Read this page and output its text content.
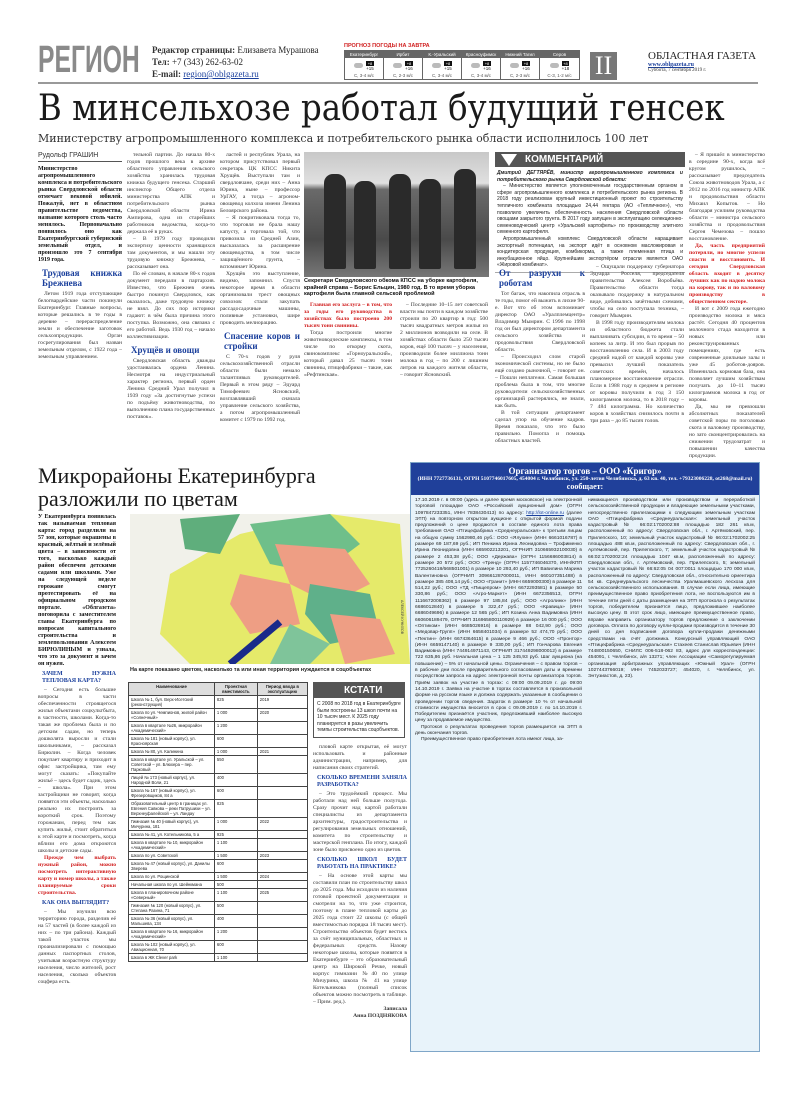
РЕГИОН Редактор страницы: Елизавета Мурашова
Тел: +7 (343) 262-63-02
E-mail: region@oblgazeta.ru
ПРОГНОЗ ПОГОДЫ НА ЗАВТРА
Екатеринбург
+8
+15
С, 3-4 м/с
Ирбит
+8
+16
С, 2-3 м/с
К.-Уральский
+8
+15
С, 3-4 м/с
Красноуфимск
+8
+16
С, 3-4 м/с
Нижний Тагил
+8
+16
С, 2-3 м/с
Серов
+8
+18
С-З, 1-2 м/с II	ОБЛАСТНАЯ ГАЗЕТА
www.oblgazeta.ru
Суббота, 7 сентября 2019 г.
В минсельхозе работал будущий генсек
Министерству агропромышленного комплекса и потребительского рынка области исполнилось 100 лет
Рудольф ГРАШИН

Министерство агропромышленного комплекса и потребительского рынка Свердловской области отмечает вековой юбилей. Пожалуй, нет в областном правительстве ведомства, название которого столь часто менялось. Первоначально появилось оно как Екатеринбургский губернский земельный отдел, и произошло это 7 сентября 1919 года.

Трудовая книжка Брежнева

Летом 1919 года отступающие белогвардейские части покинули Екатеринбург. Главные вопросы, которые решались в те годы в деревне – перераспределение земли и обеспечение заготовок сельхозпродукции. Орган госрегулирования был назван земельным отделом, с 1922 года – земельным управлением.

тельной партии. До начала 80-х годов прошлого века в архиве областного управления сельского хозяйства хранилась трудовая книжка будущего генсека. Старший инспектор Общего отдела министерства АПК и потребительского рынка Свердловской области Ирина Ампирова, одна из старейших работников ведомства, когда-то держала её в руках.

– В 1979 году проводили экспертизу ценности хранящихся там документов, и мы нашли эту трудовую книжку Брежнева, – рассказывает она.

По её словам, в начале 80-х годов документ передали в партархив. Известно, что Брежнев очень быстро покинул Свердловск, как оказалось, даже трудовую книжку не взял. До сих пор историки гадают: в чём была причина этого поступка. Возможно, она связана с его работой. Ведь 1930 год – начало коллективизации.

Хрущёв и овощи

Свердловская область дважды удостаивалась ордена Ленина. Несмотря на индустриальный характер региона, первый орден Ленина Средний Урал получил в 1939 году «За достигнутые успехи по подъёму животноводства, по выполнению плана государственных поставок».

ластей и республик Урала, на котором присутствовал первый секретарь ЦК КПСС Никита Хрущёв. Выступали там и свердловчане, среди них – Анна Юрина, ныне – профессор УрГАУ, а тогда – агроном-овощевод колхоза имени Ленина Белоярского района.

– Я покритиковала тогда то, что торговля не брала нашу капусту, а торговала той, что привозила из Средней Азии, высказалась за расширение овощеводства, в том числе защищённого грунта, – вспоминает Юрина.

Хрущёв это выступление, видимо, запомнил. Спустя некоторое время в области организовали трест овощных совхозов: стали закупать рассадосадочные машины, поливные установки, шире проводить мелиорацию.

Спасение коров и стройки

С 70-х годов у руля сельскохозяйственной отрасли области были немало талантливых руководителей. Первый в этом ряду – Эдуард Тимофеевич Ясновский, возглавлявший сначала управление сельского хозяйства, а потом агропромышленный комитет с 1979 по 1992 год.

Секретари Свердловского обкома КПСС на уборке картофеля, крайний справа – Борис Ельцин, 1980 год. В то время уборка картофеля была главной сельской проблемой

Главная его заслуга – в том, что за годы его руководства в хозяйствах было построено 200 тысяч тонн свинины.

Тогда построили многие животноводческие комплексы, в том числе по откорму скота, свинокомплекс «Горноуральский», который давал 25 тысяч тонн свинины, птицефабрики – такие, как «Рефтинская».

– Последние 10–15 лет советской власти мы почти в каждом хозяйстве строили по 20 квартир в год: 500 тысяч квадратных метров жилья из 2 миллионов возводили на селе. В хозяйствах области было 250 тысяч коров, ещё 100 тысяч – у населения, производили более миллиона тонн молока в год – по 200 с лишним литров на каждого жителя области, – говорит Ясновский.

КОММЕНТАРИЙ
Дмитрий ДЕГТЯРЁВ, министр агропромышленного комплекса и потребительского рынка Свердловской области:

– Министерство является уполномоченным государственным органом в сфере агропромышленного комплекса и потребительского рынка региона. В 2018 году реализован крупный инвестиционный проект по строительству тепличного комбината площадью 24,44 гектара (АО «Тепличное»), что позволило увеличить обеспеченность населения Свердловской области овощами закрытого грунта. В 2017 году запущен в эксплуатацию селекционно-семеноводческий центр «Уральский картофель» по производству элитного семенного картофеля.

Агропромышленный комплекс Свердловской области наращивает экспортный потенциал, на экспорт идёт в основном масложировая и кондитерская продукция, комбикорма, а также племенная птица и инкубационное яйцо. Крупнейшим экспортёром отрасли является ОАО «Жировой комбинат».

От разрухи к роботам

Тот багаж, что накопила отрасль в те годы, помог ей выжить в лихие 90-е. Вот что об этом вспоминает директор ОАО «Уралплемцентр» Владимир Мымрин. С 1996 по 1998 год он был директором департамента сельского хозяйства и продовольствия Свердловской области.

– Происходил слом старой экономической системы, но не было ещё создано рыночной, – говорит он. – Пошли неплатежи. Самая большая проблема была в том, что многие руководители сельскохозяйственных организаций растерялись, не знали, как быть.

В той ситуации департамент сделал упор на обучение кадров. Время показало, что это было правильно. Помогла и помощь областных властей.

– Ощущали поддержку губернатора Эдуарда Росселя, председателя правительства Алексея Воробьёва. Правительство области тогда оказывало поддержку в натуральном виде, добивались зачётными схемами, чтобы на село поступала техника, – говорит Мымрин.

В 1998 году производителям молока из областного бюджета стали выплачивать субсидии, в то время – 50 копеек за литр. И это был прорыв по восстановлению села. И в 2003 году средний надой от каждой коровы уже превысил лучший показатель советских времён, началось планомерное восстановление отрасли. Если в 1988 году в среднем в регионе от коровы получили в год 3 150 килограммов молока, то в 2018 году – 7 484 килограмма. Но количество коров в хозяйствах снизилось почти в три раза – до 85 тысяч голов.

– Я пришёл в министерство в середине 90-х, когда всё кругом рушилось, – рассказывает председатель Союза животноводов Урала, а с 2012 по 2016 год министр АПК и продовольствия области Михаил Копытов. – Но благодаря усилиям руководства области – министра сельского хозяйства и продовольствия Сергея Чемезова – пошло восстановление.

Да, часть предприятий потеряли, но многие успели спасти и восстановить. И сегодня Свердловская область входит в десятку лучших как по надою молока на корову, так и по валовому производству в общественном секторе.

И вот с 2009 года ежегодно производство молока и мяса растёт. Сегодня 40 процентов молочного стада находится в новых или реконструированных помещениях, где есть современные доильные залы и уже 45 роботов-дояров. Изменилась кормовая база, она позволяет лучшим хозяйствам получать до 10–11 тысяч килограммов молока в год от коровы.

Да, мы не превзошли абсолютных показателей советской поры по поголовью скота и валовому производству, но зато сконцентрировались на снижении трудозатрат и повышении качества продукции.

Микрорайоны Екатеринбурга разложили по цветам

У Екатеринбурга появилась так называемая тепловая карта: город разделили на 57 зон, которые окрашены в красный, жёлтый и зелёный цвета – в зависимости от того, насколько каждый район обеспечен детскими садами или школами. Уже на следующей неделе горожане смогут протестировать её на официальном городском портале. «Облгазета» поговорила с заместителем главы Екатеринбурга по вопросам капитального строительства и землепользования Алексеем БИРЮЛИНЫМ и узнала, что это за документ и зачем он нужен.

ЗАЧЕМ НУЖНА ТЕПЛОВАЯ КАРТА?

– Сегодня есть большие вопросы в части обеспеченности строящегося жилья объектами соцкультбыта, в частности, школами. Когда-то такая же проблема была и по детским садам, но теперь дошколята выросли и стали школьниками, – рассказал Бирюлин. – Когда человек покупает квартиру и приходит в офис застройщика, там ему могут сказать: «Покупайте жильё – здесь будет садик, здесь – школа». При этом застройщики не говорят, когда появятся эти объекты, насколько реально их построить за короткий срок. Поэтому горожанам, перед тем как купить жильё, стоит обратиться к этой карте и посмотреть, когда вблизи его дома откроются школы и детские сады.

Прежде чем выбрать нужный район, можно посмотреть интерактивную карту и номер школы, а также планируемые сроки строительства.

КАК ОНА ВЫГЛЯДИТ?

– Мы изучили всю территорию города, разделив её на 57 частей (в более каждой из них – по три района). Каждый такой участок мы проанализировали с помощью данных паспортных столов, учитывая возрастную структуру населения, число жителей, рост населения, сколько объектов соцфера есть.

АЛЕКСЕЙ КУНИЛОВ
На карте показано цветом, насколько та или иная территория нуждается в соцобъектах
Наименование	Проектная вместимость	Период ввода в эксплуатацию
Школа № 1, бул. Верх-Исетский (реконструкция)	825	2019
Школа по ул. Чемпионов, жилой район «Солнечный»	1 000	2020
Школа в квартале №26, микрорайон «Академический»	1 200	
Школа № 181 (новый корпус), ул. Красноярская	600	
Школа № 80, ул. Калинина	1 000	2021
Школа в квартале ул. Уральской – ул. Советской – ул. Блюхера – пер. Парковый	550	
Лицей № 173 (новый корпус), ул. Народной Воли, 21	400	
Школа № 167 (новый корпус), ул. Фрезеровщиков, 84 а	600	
Образовательный центр в границах ул. Евгения Савкова – реки Патрушихи – ул. Верхнеуфалейской – ул. Ландау	825	
Гимназия № 40 (новый корпус), ул. Мичурина, 181	1 000	2022
Школа № 41, ул. Котельникова, 5 а	925	
Школа в квартале № 10, микрорайон «Академический»	1 100	
Школа по ул. Советской	1 500	2023
Школа № 47 (новый корпус), ул. Данилы Зверева	600	
Школа по ул. Рощинской	1 500	2024
Начальная школа по ул. Шейнкмана	500	
Школа в планировочном районе «Северный»	1 100	2025
Гимназия № 120 (новый корпус), ул. Степана Разина, 71	500	
Школа № 36 (новый корпус), ул. Мальшева, 134	400	
Школа в квартале № 16, микрорайон «Академический»	1 200	
Школа № 102 (новый корпус), ул. Авиационная, 70	600	
Школа в ЖК Clever park	1 100	
КСТАТИ
С 2008 по 2018 год в Екатеринбурге были построены 13 школ почти на 10 тысяч мест. К 2025 году планируется в разы увеличить темпы строительства соцобъектов.

пловой карте открытая, её могут использовать и районные администрации, например, для написания своих стратегий.

СКОЛЬКО ВРЕМЕНИ ЗАНЯЛА РАЗРАБОТКА?

– Это трудоёмкий процесс. Мы работали над ней больше полугода. Сразу прочит над картой работали специалисты из департамента архитектуры, градостроительства и регулирования земельных отношений, комитета по строительству и мастерской генплана. По итогу, каждой зоне было присвоено одно из цветов.

СКОЛЬКО ШКОЛ БУДЕТ РАБОТАТЬ НА ПРАКТИКЕ?

– На основе этой карты мы составили план по строительству школ до 2025 года. Мы исходили из наличия готовой проектной документации и смотрели на то, что уже строится, поэтому в плане тепловой карты до 2025 года стоит 22 школы (с общей вместимостью порядка 18 тысяч мест). Строительство объектов будет вестись за счёт муниципальных, областных и федеральных средств. Назову некоторые школы, которые появятся в Екатеринбурге – это образовательный центр на Широкой Речке, новый корпус гимназии №40 по улице Мичурина, школа № 41 на улице Котельникова (полный список объектов можно посмотреть в таблице. – Прим. ред.).

Записала

Анна ПОЗДНЯКОВА

Организатор торгов – ООО «Кригор»
(ИНН 7727736131, ОГРН 5107746017605, 454004 г. Челябинск, ул. 250-летия Челябинска, д. 63 кв. 40, тел. +79323006228, ot268@mail.ru) сообщает:
17.10.2019 г. в 09:00 (здесь и далее время московское) на электронной торговой площадке ОАО «Российский аукционный дом» (ОГРН 1097847233351, ИНН 7838430413) по адресу: http://lot-online.ru (далее ЭТП) на повторном открытом аукционе с открытой формой подачи предложений о цене продаются в составе единого лота права требования ОАО «Птицефабрика «Среднеуральская» к третьим лицам на общую сумму 1562980,46 руб.: ООО «Ялухин» (ИНН 6661016787) в размере 69 187,69 руб.; ИП Пенкина Ирина Леонидовна – Трофименко Ирина Леонидовна (ИНН 665902213201, ОГРНИП 310665932100030) в размере 2 453,38 руб.; ООО «Держава» (ОГРН 1156686003814) в размере 20 572 руб.; ООО «Тренд» (ОГРН 1157746046370, ИНН/КПП 7725260418/668501001) в размере 10 293,40 руб.; ИП Вавилина Марина Валентиновна (ОГРНИП 309661287000011, ИНН 660107351488) в размере 385 408,14 руб.; ООО «Гранит» (ИНН 6659000300) в размере 11 514,22 руб.; ООО «ТД «Пищепром» (ИНН 6672293581) в размере 50 330,86 руб.; ООО «Агро-Маркет» (ИНН 6672356513, ОГРН 1116672008362) в размере 97 185,84 руб.; ООО «Агролинк» (ИНН 6686012840) в размере 5 322,47 руб.; ООО «Кравица» (ИНН 6686049696) в размере 12 565 руб.; ИП Козина Анна Вадимовна (ИНН 660606189479, ОГРНИП 316965800110929) в размере 16 000 руб.; ООО «Оптиком» (ИНН 6685026916) в размере 88 042,90 руб.; ООО «Медовар-Групп» (ИНН 6658401034) в размере 52 474,70 руб.; ООО «Пектин» (ИНН 6674364615) в размере 9 466 руб.; ООО «Пронтор» (ИНН 6659147140) в размере 9 330,00 руб.; ИП Гончарова Евгения Вадимовна (ИНН 744914971143, ОГРНИП 317449298000012) в размере 722 635,86 руб. Начальная цена – 1 125 345,93 руб. Шаг аукциона (на повышение) – 5% от начальной цены. Ограничения – с правом торгов – в рабочие дни после предварительного согласования даты и времени посредством запроса на адрес электронной почты организатора торгов. Приём заявок на участие в торгах: с 09:00 09.09.2019 г. до 09:00 14.10.2019 г. Заявка на участие в торгах составляется в произвольной форме на русском языке и должна содержать указанные в сообщении о проведении торгов сведения. Задаток в размере 10 % от начальной стоимости имущества вносится в срок с 09.09.2019 г. по 14.10.2019 г. Победителем признаётся участник, предложивший наиболее высокую цену за продаваемое имущество.

Протокол о результатах проведения торгов размещается на ЭТП в день окончания торгов.

Преимущественное право приобретения лота имеют лица, за-

нимающиеся производством или производством и переработкой сельскохозяйственной продукции и владеющие земельными участками, непосредственно прилегающими к следующим земельным участкам ОАО «Птицефабрика «Среднеуральская»: земельный участок кадастровый № 66:02:1702002:88 площадью 182 261 кв.м, расположенный по адресу: Свердловская обл., г. Артёмовский, пер. Прилепского, 10; земельный участок кадастровый № 66:02:1702002:25 площадью 488 кв.м, расположенный по адресу: Свердловская обл., г. Артёмовский, пер. Прилепского, 7; земельный участок кадастровый № 66:02:1702002:24 площадью 1047 кв.м, расположенный по адресу: Свердловская обл., г. Артёмовский, пер. Прилепского, 5; земельный участок кадастровый № 66:62:05 04 007:0011 площадью 170 000 кв.м, расположенный по адресу: Свердловская обл., относительно ориентира 54 кв. Среднеуральского лесничества Уралмашевского лесхоза для сельскохозяйственного использования. В случае если лица, имеющие преимущественное право приобретения лота, не воспользуются им в течение пяти дней с даты размещения на ЭТП протокола о результатах торгов, победителем признаётся лицо, предложившее наиболее высокую цену. В этот срок лицо, имеющее преимущественное право, вправе направить организатору торгов предложение о заключении договора. Оплата по договору купли-продажи производится в течение 30 дней со дня подписания договора купли-продажи денежными средствами на счёт должника. Конкурсный управляющий ОАО «Птицефабрика «Среднеуральская» Стахеев Станислав Юрьевич (ИНН 744800150650, СНИЛС 006-518-062 83, адрес для корреспонденции: 454091, г. Челябинск, а/я 13271; член Ассоциации «Саморегулируемая организация арбитражных управляющих «Южный Урал» (ОГРН 1027443766019; ИНН 7452033727; 454020, г. Челябинск, ул. Энтузиастов, д. 23).
